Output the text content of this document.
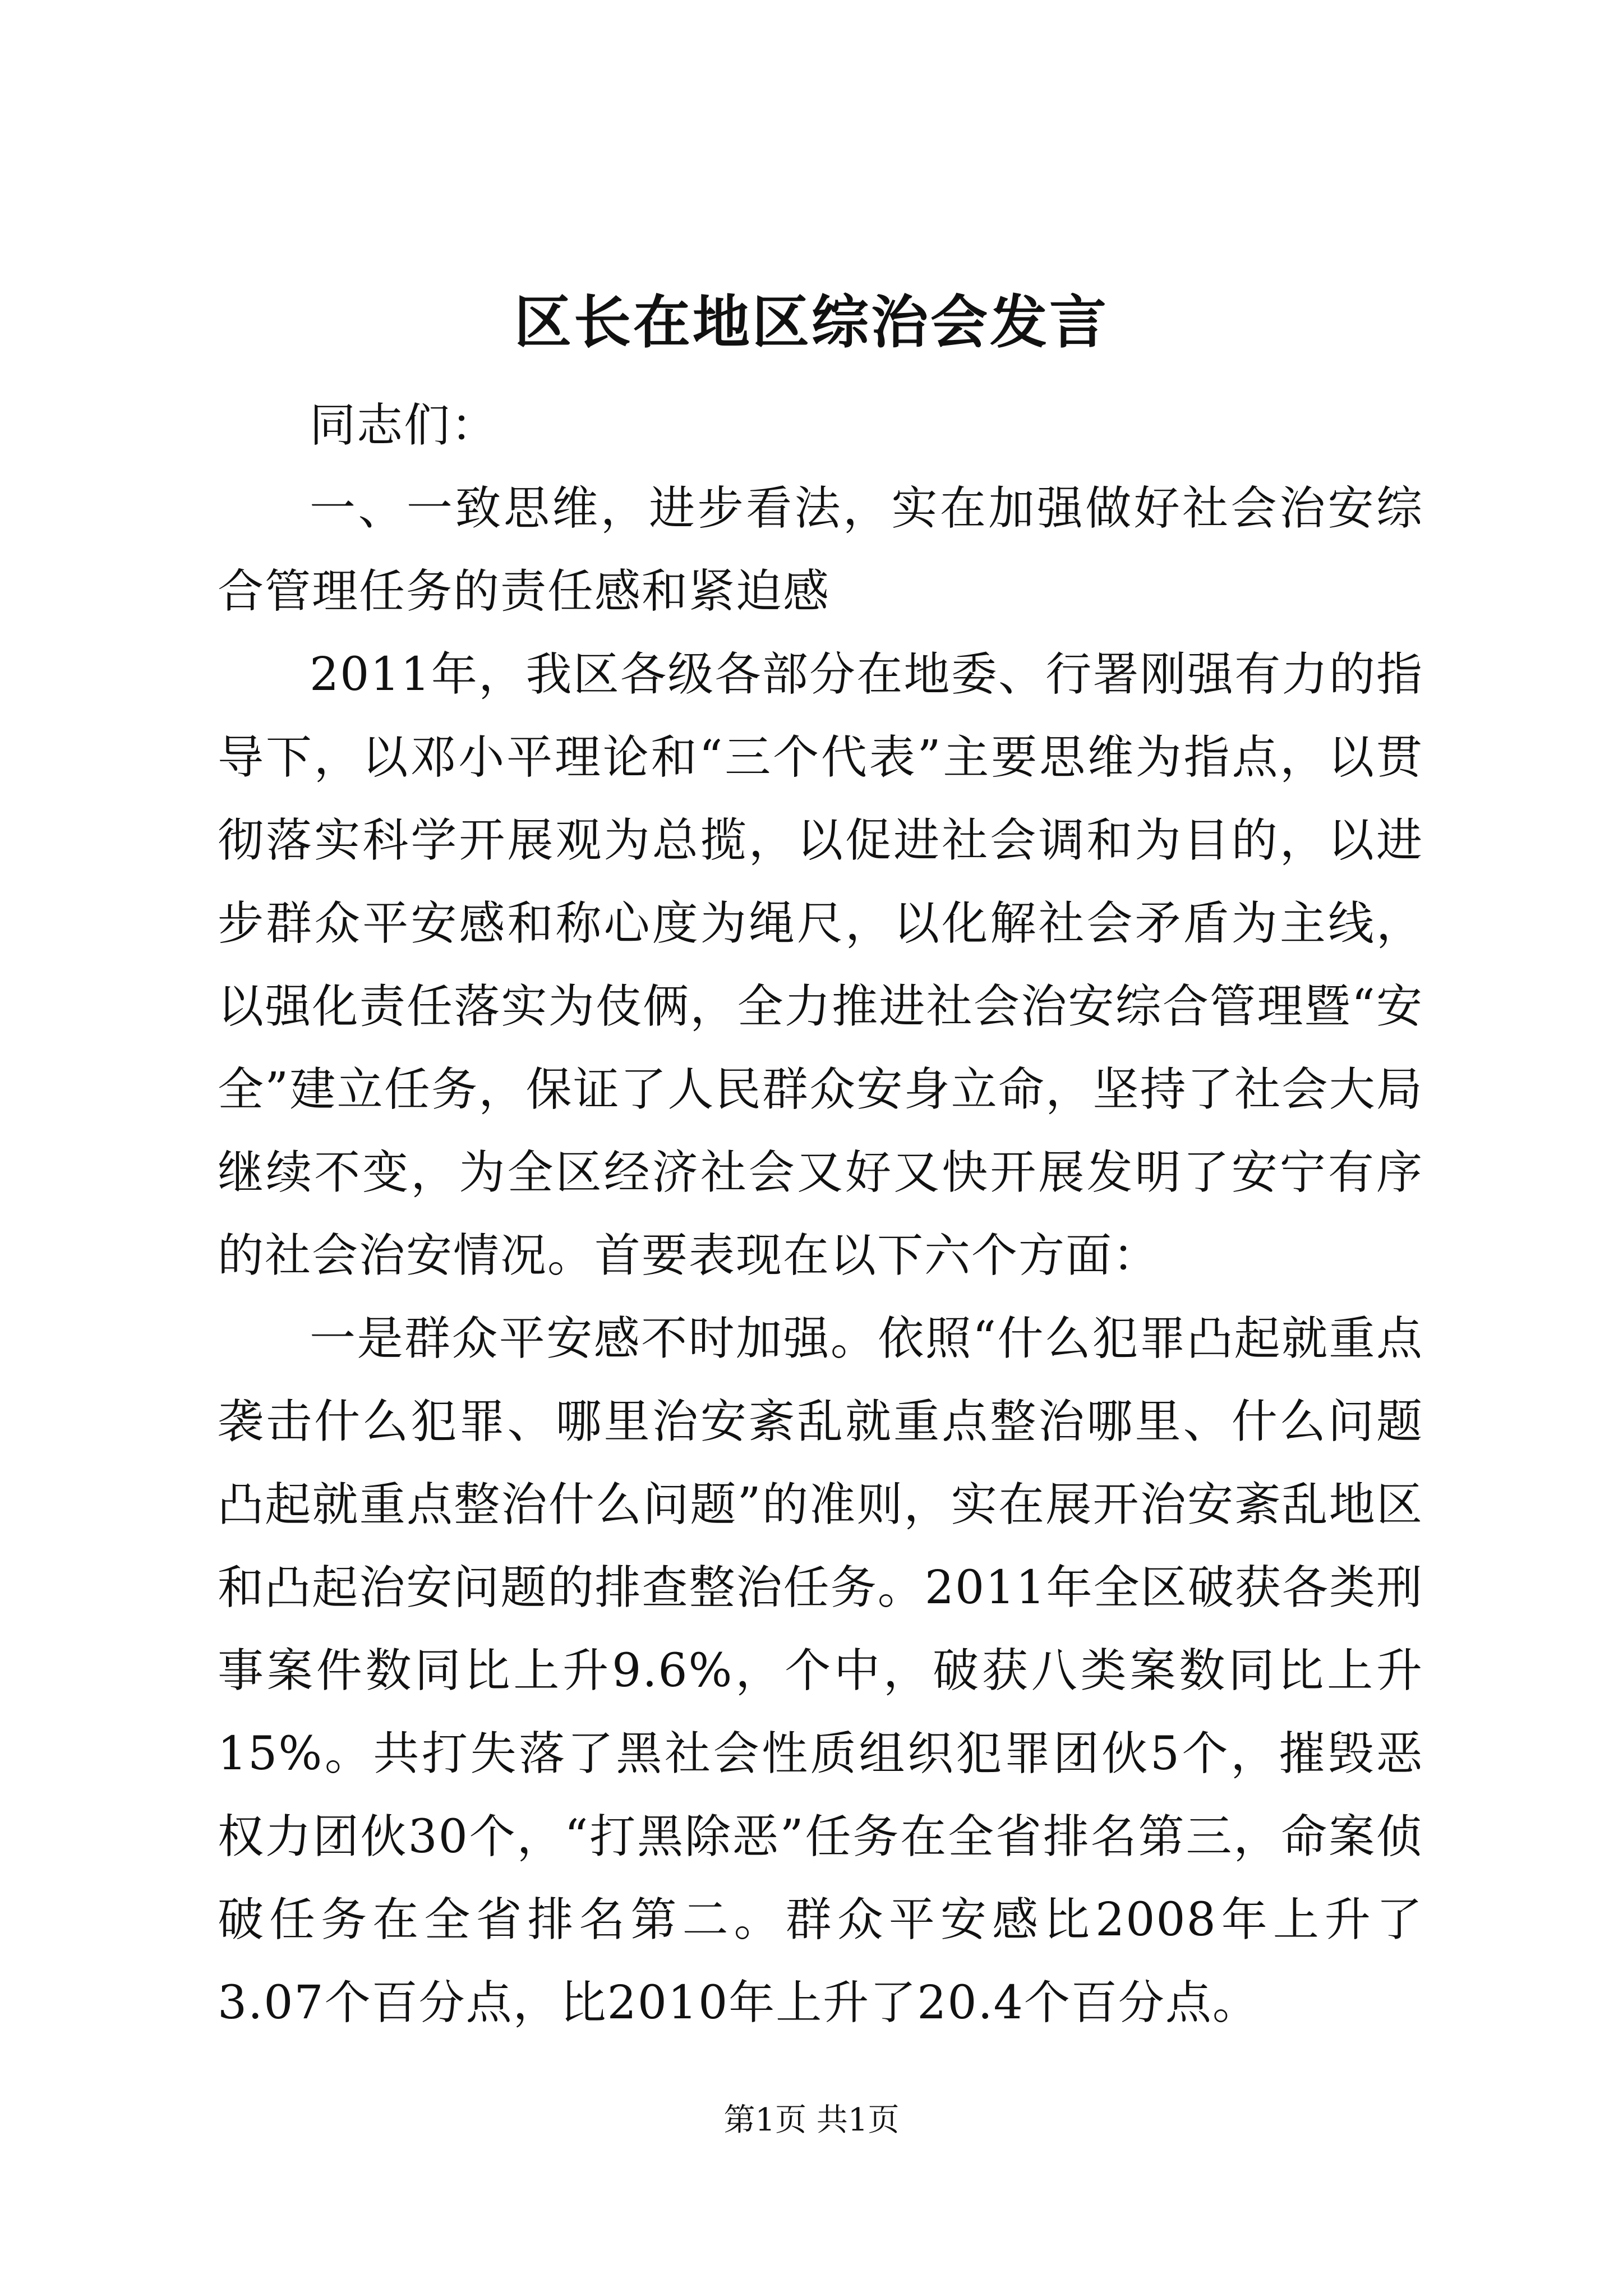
区长在地区综治会发言

同志们：

一、一致思维，进步看法，实在加强做好社会治安综合管理任务的责任感和紧迫感

2011年，我区各级各部分在地委、行署刚强有力的指导下，以邓小平理论和“三个代表”主要思维为指点，以贯彻落实科学开展观为总揽，以促进社会调和为目的，以进步群众平安感和称心度为绳尺，以化解社会矛盾为主线，以强化责任落实为伎俩，全力推进社会治安综合管理暨“安全”建立任务，保证了人民群众安身立命，坚持了社会大局继续不变，为全区经济社会又好又快开展发明了安宁有序的社会治安情况。首要表现在以下六个方面：

一是群众平安感不时加强。依照“什么犯罪凸起就重点袭击什么犯罪、哪里治安紊乱就重点整治哪里、什么问题凸起就重点整治什么问题”的准则，实在展开治安紊乱地区和凸起治安问题的排查整治任务。2011年全区破获各类刑事案件数同比上升9.6%，个中，破获八类案数同比上升15%。共打失落了黑社会性质组织犯罪团伙5个，摧毁恶权力团伙30个，“打黑除恶”任务在全省排名第三，命案侦破任务在全省排名第二。群众平安感比2008年上升了3.07个百分点，比2010年上升了20.4个百分点。

第1页 共1页
